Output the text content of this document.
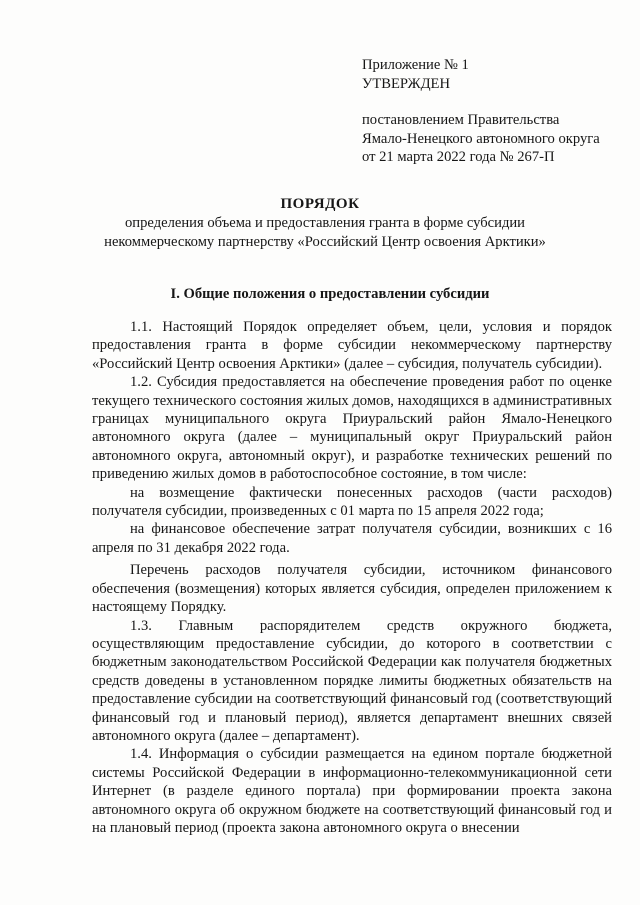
Приложение № 1
УТВЕРЖДЕН
постановлением Правительства
Ямало-Ненецкого автономного округа
от 21 марта 2022 года № 267-П
ПОРЯДОК
определения объема и предоставления гранта в форме субсидии
некоммерческому партнерству «Российский Центр освоения Арктики»
I. Общие положения о предоставлении субсидии

1.1. Настоящий Порядок определяет объем, цели, условия и порядок предоставления гранта в форме субсидии некоммерческому партнерству «Российский Центр освоения Арктики» (далее – субсидия, получатель субсидии).

1.2. Субсидия предоставляется на обеспечение проведения работ по оценке текущего технического состояния жилых домов, находящихся в административных границах муниципального округа Приуральский район Ямало-Ненецкого автономного округа (далее – муниципальный округ Приуральский район автономного округа, автономный округ), и разработке технических решений по приведению жилых домов в работоспособное состояние, в том числе:

на возмещение фактически понесенных расходов (части расходов) получателя субсидии, произведенных с 01 марта по 15 апреля 2022 года;

на финансовое обеспечение затрат получателя субсидии, возникших с 16 апреля по 31 декабря 2022 года.

Перечень расходов получателя субсидии, источником финансового обеспечения (возмещения) которых является субсидия, определен приложением к настоящему Порядку.

1.3. Главным распорядителем средств окружного бюджета, осуществляющим предоставление субсидии, до которого в соответствии с бюджетным законодательством Российской Федерации как получателя бюджетных средств доведены в установленном порядке лимиты бюджетных обязательств на предоставление субсидии на соответствующий финансовый год (соответствующий финансовый год и плановый период), является департамент внешних связей автономного округа (далее – департамент).

1.4. Информация о субсидии размещается на едином портале бюджетной системы Российской Федерации в информационно-телекоммуникационной сети Интернет (в разделе единого портала) при формировании проекта закона автономного округа об окружном бюджете на соответствующий финансовый год и на плановый период (проекта закона автономного округа о внесении
